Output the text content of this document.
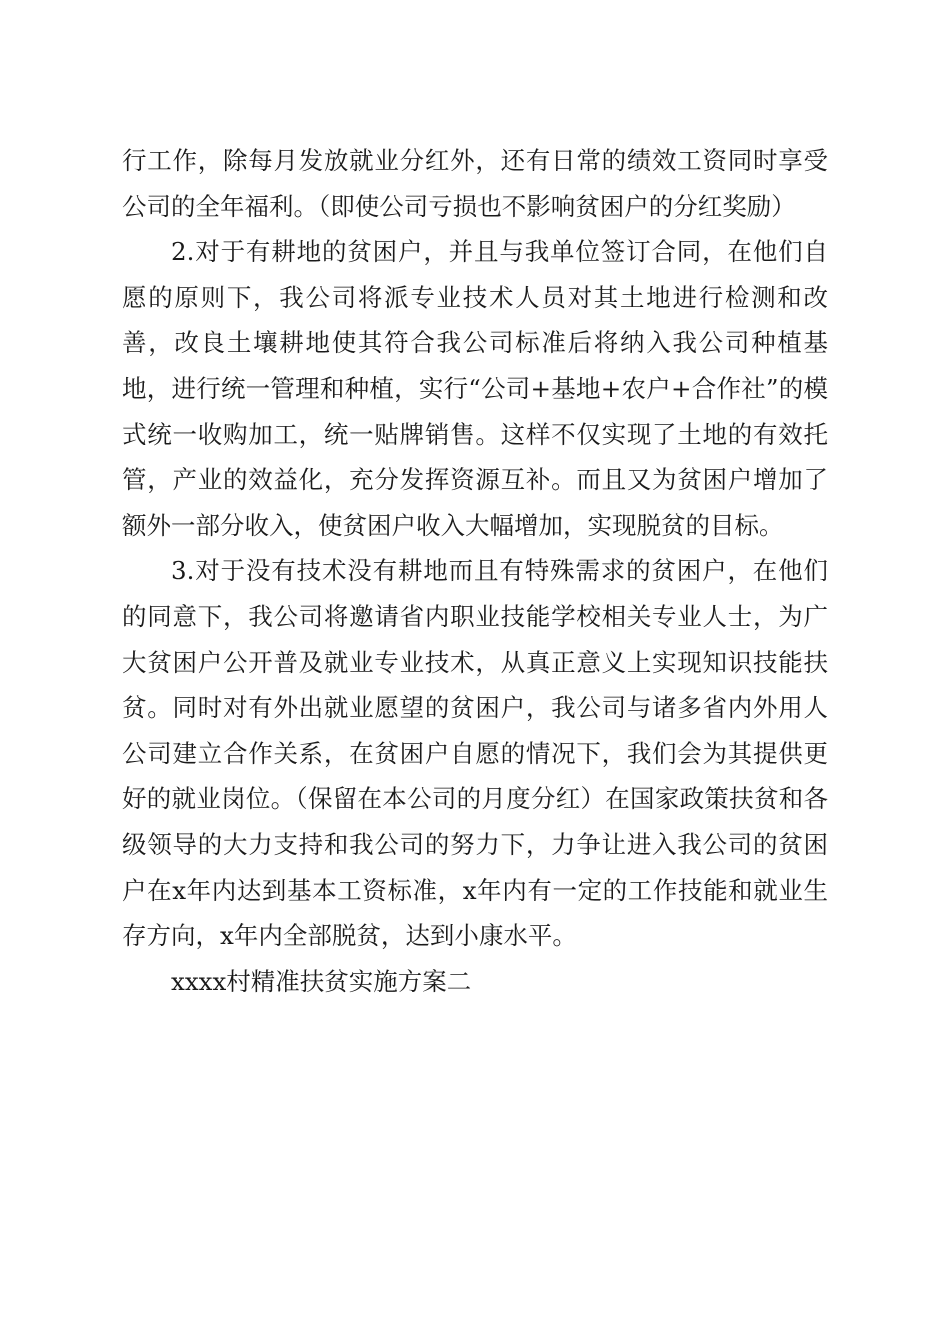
行工作，除每月发放就业分红外，还有日常的绩效工资同时享受公司的全年福利。（即使公司亏损也不影响贫困户的分红奖励）

2.对于有耕地的贫困户，并且与我单位签订合同，在他们自愿的原则下，我公司将派专业技术人员对其土地进行检测和改善，改良土壤耕地使其符合我公司标准后将纳入我公司种植基地，进行统一管理和种植，实行“公司+基地+农户+合作社”的模式统一收购加工，统一贴牌销售。这样不仅实现了土地的有效托管，产业的效益化，充分发挥资源互补。而且又为贫困户增加了额外一部分收入，使贫困户收入大幅增加，实现脱贫的目标。

3.对于没有技术没有耕地而且有特殊需求的贫困户，在他们的同意下，我公司将邀请省内职业技能学校相关专业人士，为广大贫困户公开普及就业专业技术，从真正意义上实现知识技能扶贫。同时对有外出就业愿望的贫困户，我公司与诸多省内外用人公司建立合作关系，在贫困户自愿的情况下，我们会为其提供更好的就业岗位。（保留在本公司的月度分红）在国家政策扶贫和各级领导的大力支持和我公司的努力下，力争让进入我公司的贫困户在x年内达到基本工资标准，x年内有一定的工作技能和就业生存方向，x年内全部脱贫，达到小康水平。

xxxx村精准扶贫实施方案二
